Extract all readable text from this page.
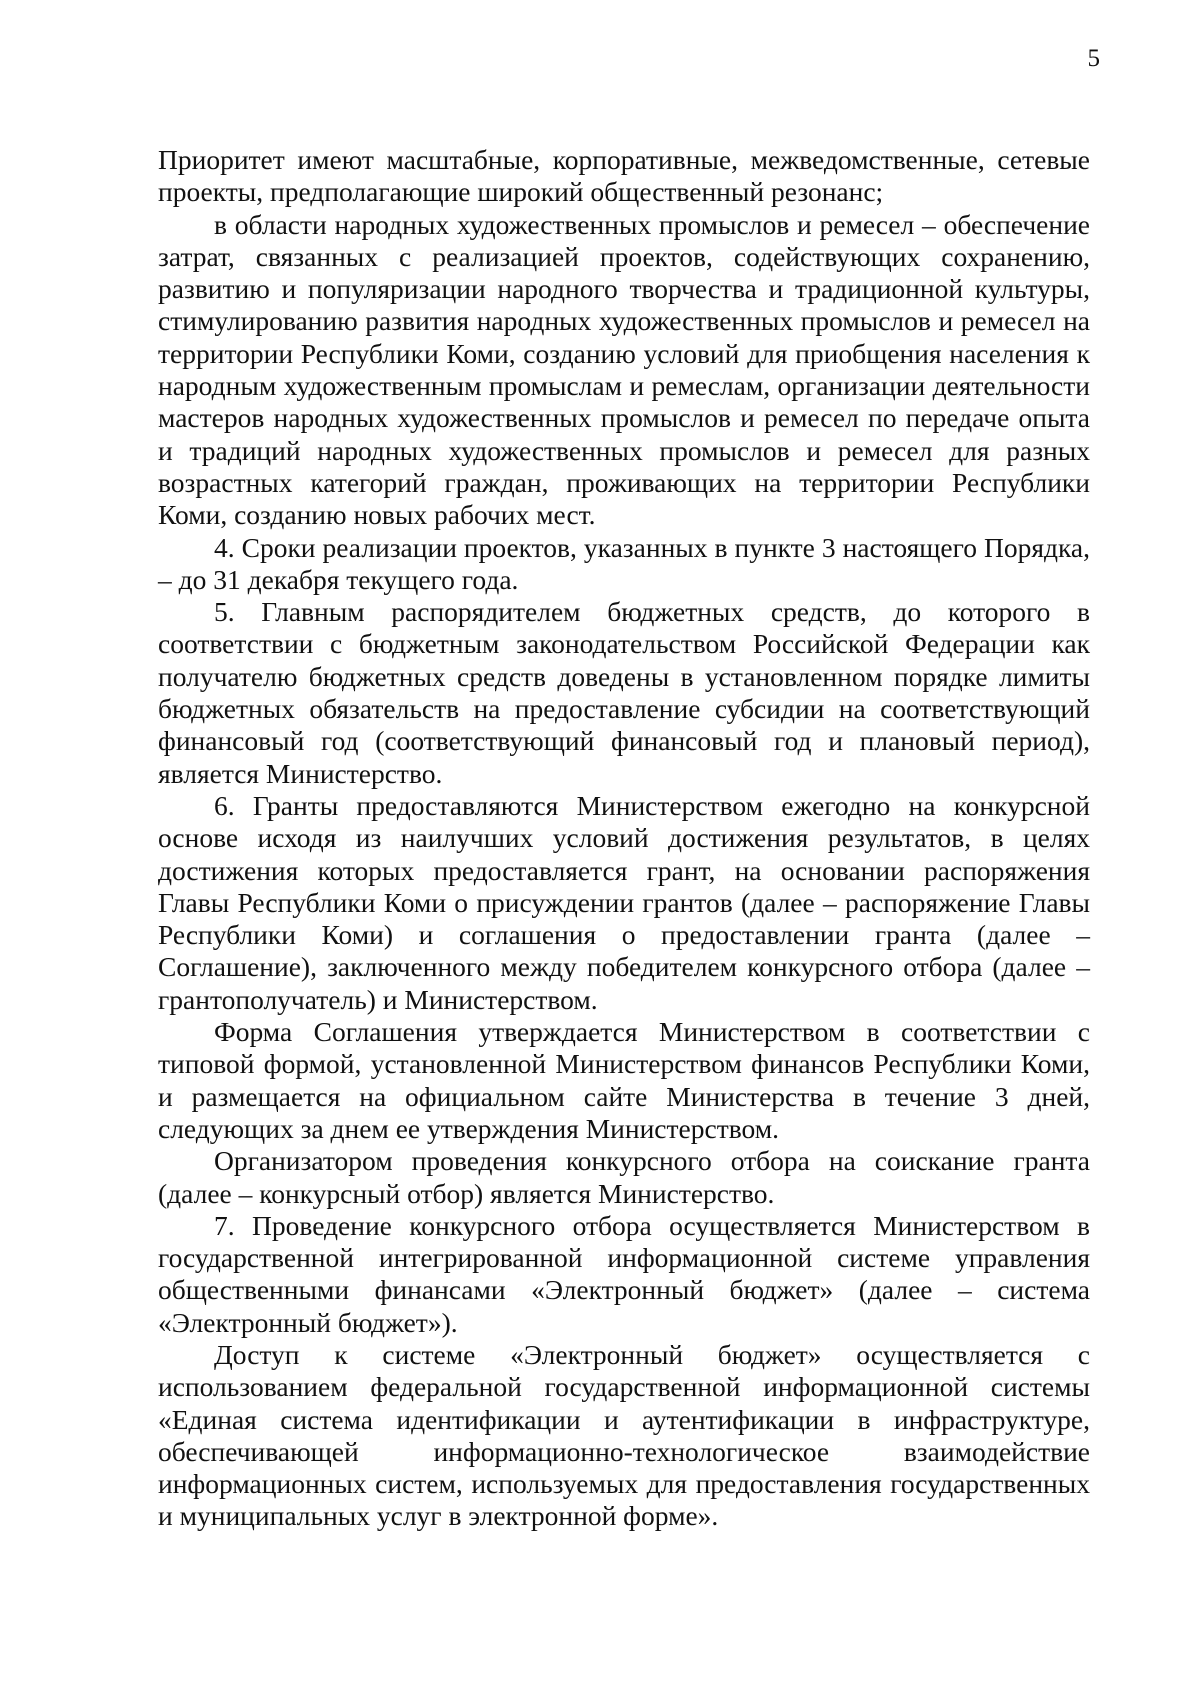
5

Приоритет имеют масштабные, корпоративные, межведомственные, сетевые проекты, предполагающие широкий общественный резонанс;

в области народных художественных промыслов и ремесел – обеспечение затрат, связанных с реализацией проектов, содействующих сохранению, развитию и популяризации народного творчества и традиционной культуры, стимулированию развития народных художественных промыслов и ремесел на территории Республики Коми, созданию условий для приобщения населения к народным художественным промыслам и ремеслам, организации деятельности мастеров народных художественных промыслов и ремесел по передаче опыта и традиций народных художественных промыслов и ремесел для разных возрастных категорий граждан, проживающих на территории Республики Коми, созданию новых рабочих мест.

4. Сроки реализации проектов, указанных в пункте 3 настоящего Порядка, – до 31 декабря текущего года.

5. Главным распорядителем бюджетных средств, до которого в соответствии с бюджетным законодательством Российской Федерации как получателю бюджетных средств доведены в установленном порядке лимиты бюджетных обязательств на предоставление субсидии на соответствующий финансовый год (соответствующий финансовый год и плановый период), является Министерство.

6. Гранты предоставляются Министерством ежегодно на конкурсной основе исходя из наилучших условий достижения результатов, в целях достижения которых предоставляется грант, на основании распоряжения Главы Республики Коми о присуждении грантов (далее – распоряжение Главы Республики Коми) и соглашения о предоставлении гранта (далее – Соглашение), заключенного между победителем конкурсного отбора (далее – грантополучатель) и Министерством.

Форма Соглашения утверждается Министерством в соответствии с типовой формой, установленной Министерством финансов Республики Коми, и размещается на официальном сайте Министерства в течение 3 дней, следующих за днем ее утверждения Министерством.

Организатором проведения конкурсного отбора на соискание гранта (далее – конкурсный отбор) является Министерство.

7. Проведение конкурсного отбора осуществляется Министерством в государственной интегрированной информационной системе управления общественными финансами «Электронный бюджет» (далее – система «Электронный бюджет»).

Доступ к системе «Электронный бюджет» осуществляется с использованием федеральной государственной информационной системы «Единая система идентификации и аутентификации в инфраструктуре, обеспечивающей информационно-технологическое взаимодействие информационных систем, используемых для предоставления государственных и муниципальных услуг в электронной форме».
